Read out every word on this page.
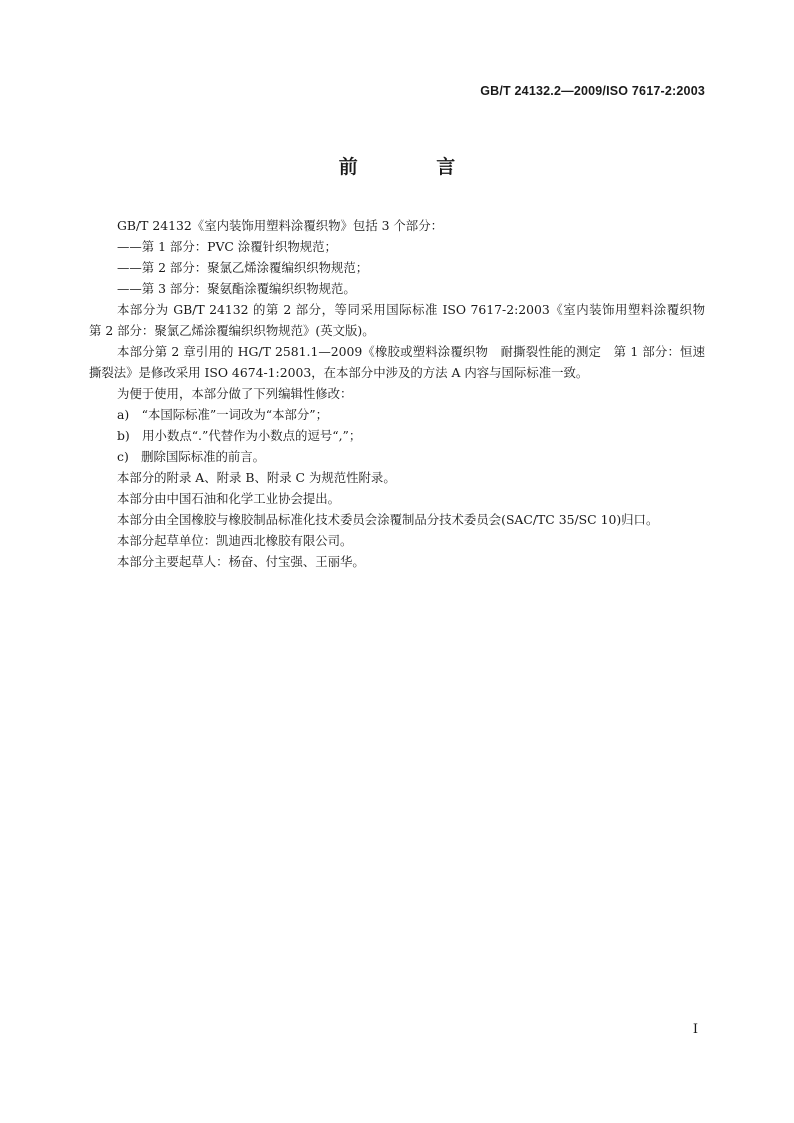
GB/T 24132.2—2009/ISO 7617-2:2003
前 言

GB/T 24132《室内装饰用塑料涂覆织物》包括 3 个部分：

——第 1 部分：PVC 涂覆针织物规范；

——第 2 部分：聚氯乙烯涂覆编织织物规范；

——第 3 部分：聚氨酯涂覆编织织物规范。

本部分为 GB/T 24132 的第 2 部分，等同采用国际标准 ISO 7617-2:2003《室内装饰用塑料涂覆织物　第 2 部分：聚氯乙烯涂覆编织织物规范》(英文版)。

本部分第 2 章引用的 HG/T 2581.1—2009《橡胶或塑料涂覆织物　耐撕裂性能的测定　第 1 部分：恒速撕裂法》是修改采用 ISO 4674-1:2003，在本部分中涉及的方法 A 内容与国际标准一致。

为便于使用，本部分做了下列编辑性修改：

a)　“本国际标准”一词改为“本部分”；

b)　用小数点“.”代替作为小数点的逗号“,”；

c)　删除国际标准的前言。

本部分的附录 A、附录 B、附录 C 为规范性附录。

本部分由中国石油和化学工业协会提出。

本部分由全国橡胶与橡胶制品标准化技术委员会涂覆制品分技术委员会(SAC/TC 35/SC 10)归口。

本部分起草单位：凯迪西北橡胶有限公司。

本部分主要起草人：杨奋、付宝强、王丽华。

I
